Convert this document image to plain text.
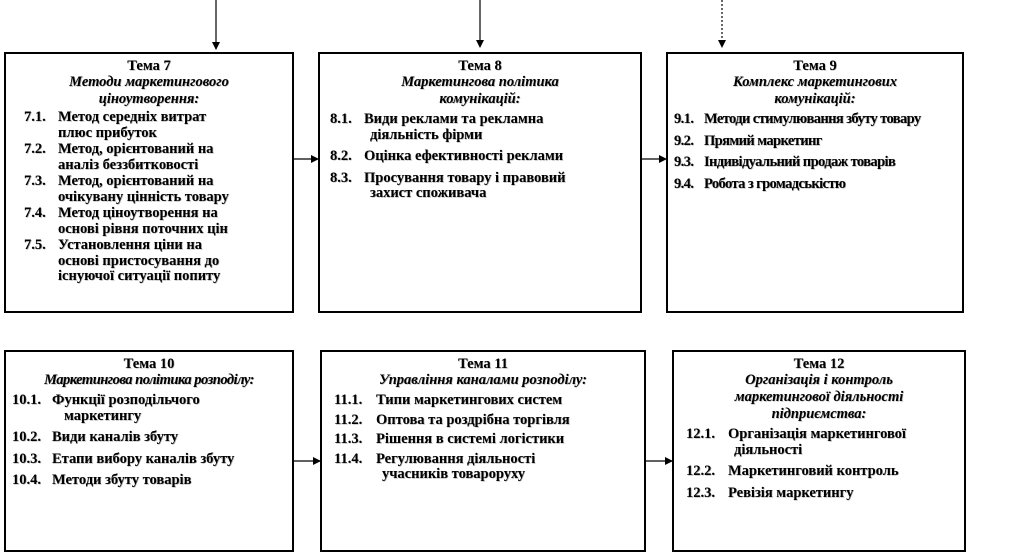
Тема 7
Методи маркетингового
ціноутворення:
7.1. Метод середніх витрат
плюс прибуток
7.2. Метод, орієнтований на
аналіз беззбитковості
7.3. Метод, орієнтований на
очікувану цінність товару
7.4. Метод ціноутворення на
основі рівня поточних цін
7.5. Установлення ціни на
основі пристосування до
існуючої ситуації попиту
Тема 8
Маркетингова політика
комунікацій:
8.1. Види реклами та рекламна
діяльність фірми
8.2. Оцінка ефективності реклами
8.3. Просування товару і правовий
захист споживача
Тема 9
Комплекс маркетингових
комунікацій:
9.1. Методи стимулювання збуту товару
9.2. Прямий маркетинг
9.3. Індивідуальний продаж товарів
9.4. Робота з громадськістю
Тема 10
Маркетингова політика розподілу:
10.1. Функції розподільчого
маркетингу
10.2. Види каналів збуту
10.3. Етапи вибору каналів збуту
10.4. Методи збуту товарів
Тема 11
Управління каналами розподілу:
11.1. Типи маркетингових систем
11.2. Оптова та роздрібна торгівля
11.3. Рішення в системі логістики
11.4. Регулювання діяльності
учасників товароруху
Тема 12
Організація і контроль
маркетингової діяльності
підприємства:
12.1. Організація маркетингової
діяльності
12.2. Маркетинговий контроль
12.3. Ревізія маркетингу
